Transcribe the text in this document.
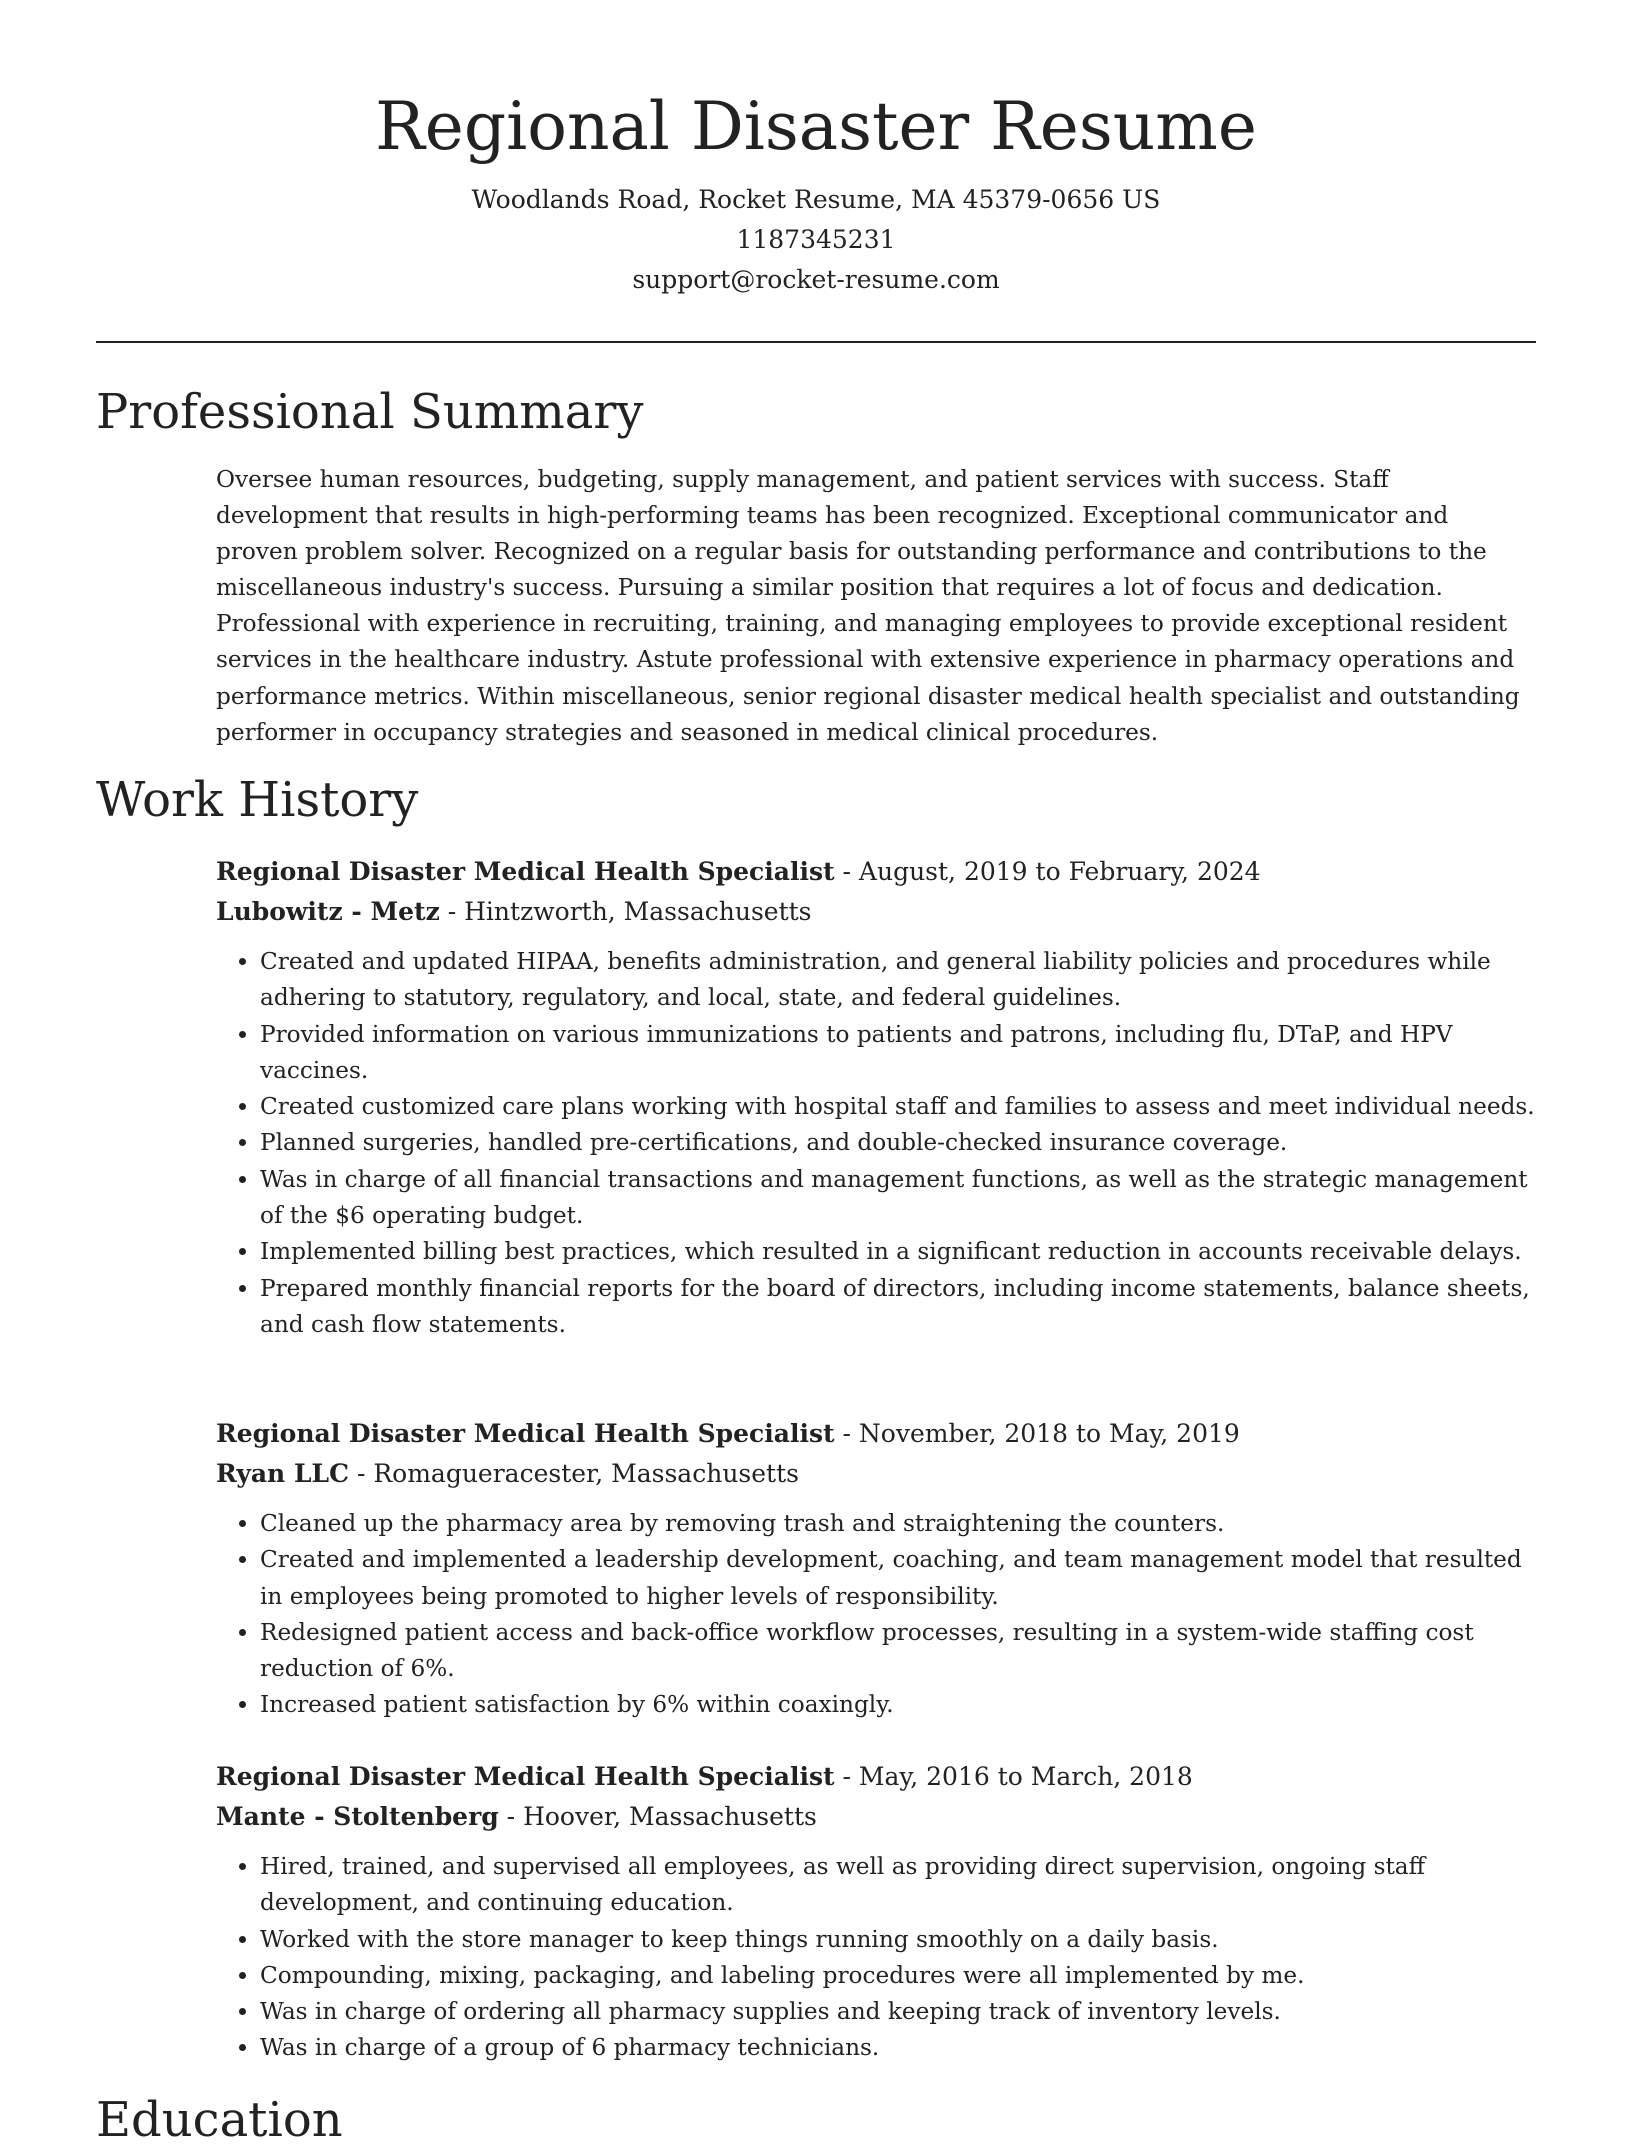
Regional Disaster Resume
Woodlands Road, Rocket Resume, MA 45379-0656 US
1187345231
support@rocket-resume.com
Professional Summary

Oversee human resources, budgeting, supply management, and patient services with success. Staff development that results in high-performing teams has been recognized. Exceptional communicator and proven problem solver. Recognized on a regular basis for outstanding performance and contributions to the miscellaneous industry's success. Pursuing a similar position that requires a lot of focus and dedication. Professional with experience in recruiting, training, and managing employees to provide exceptional resident services in the healthcare industry. Astute professional with extensive experience in pharmacy operations and performance metrics. Within miscellaneous, senior regional disaster medical health specialist and outstanding performer in occupancy strategies and seasoned in medical clinical procedures.

Work History
Regional Disaster Medical Health Specialist - August, 2019 to February, 2024
Lubowitz - Metz - Hintzworth, Massachusetts
• Created and updated HIPAA, benefits administration, and general liability policies and procedures while adhering to statutory, regulatory, and local, state, and federal guidelines.
• Provided information on various immunizations to patients and patrons, including flu, DTaP, and HPV vaccines.
• Created customized care plans working with hospital staff and families to assess and meet individual needs.
• Planned surgeries, handled pre-certifications, and double-checked insurance coverage.
• Was in charge of all financial transactions and management functions, as well as the strategic management of the $6 operating budget.
• Implemented billing best practices, which resulted in a significant reduction in accounts receivable delays.
• Prepared monthly financial reports for the board of directors, including income statements, balance sheets, and cash flow statements.
Regional Disaster Medical Health Specialist - November, 2018 to May, 2019
Ryan LLC - Romagueracester, Massachusetts
• Cleaned up the pharmacy area by removing trash and straightening the counters.
• Created and implemented a leadership development, coaching, and team management model that resulted in employees being promoted to higher levels of responsibility.
• Redesigned patient access and back-office workflow processes, resulting in a system-wide staffing cost reduction of 6%.
• Increased patient satisfaction by 6% within coaxingly.
Regional Disaster Medical Health Specialist - May, 2016 to March, 2018
Mante - Stoltenberg - Hoover, Massachusetts
• Hired, trained, and supervised all employees, as well as providing direct supervision, ongoing staff development, and continuing education.
• Worked with the store manager to keep things running smoothly on a daily basis.
• Compounding, mixing, packaging, and labeling procedures were all implemented by me.
• Was in charge of ordering all pharmacy supplies and keeping track of inventory levels.
• Was in charge of a group of 6 pharmacy technicians.
Education
